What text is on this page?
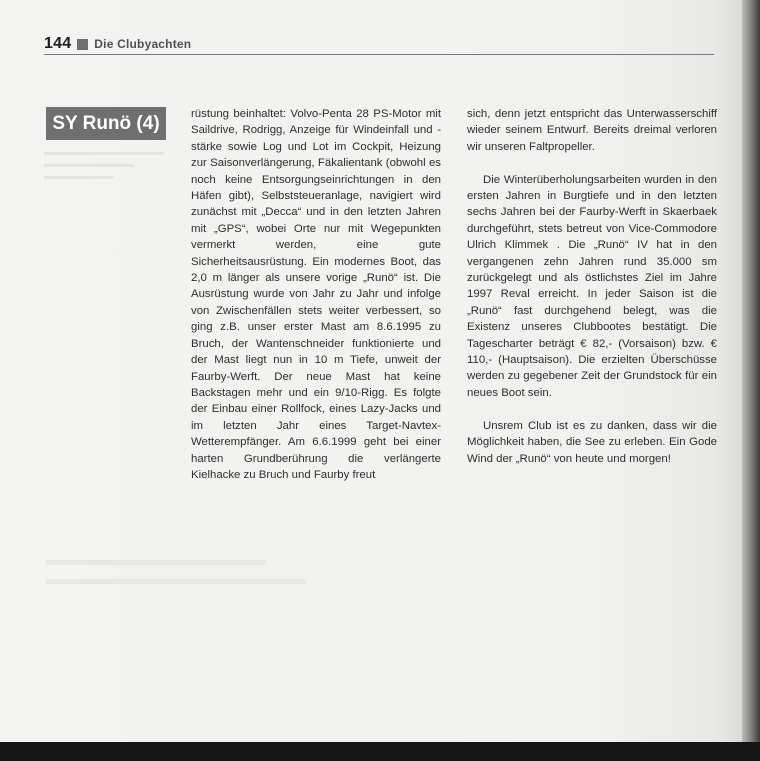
144 Die Clubyachten
SY Runö (4)	rüstung beinhaltet: Volvo-Penta 28 PS-Motor mit Saildrive, Rodrigg, Anzeige für Windeinfall und -stärke sowie Log und Lot im Cockpit, Heizung zur Saisonverlängerung, Fäkalientank (obwohl es noch keine Entsorgungseinrichtungen in den Häfen gibt), Selbststeueranlage, navigiert wird zunächst mit „Decca“ und in den letzten Jahren mit „GPS“, wobei Orte nur mit Wegepunkten vermerkt werden, eine gute Sicherheitsausrüstung. Ein modernes Boot, das 2,0 m länger als unsere vorige „Runö“ ist. Die Ausrüstung wurde von Jahr zu Jahr und infolge von Zwischenfällen stets weiter verbessert, so ging z.B. unser erster Mast am 8.6.1995 zu Bruch, der Wantenschneider funktionierte und der Mast liegt nun in 10 m Tiefe, unweit der Faurby-Werft. Der neue Mast hat keine Backstagen mehr und ein 9/10-Rigg. Es folgte der Einbau einer Rollfock, eines Lazy-Jacks und im letzten Jahr eines Target-Navtex-Wetterempfänger. Am 6.6.1999 geht bei einer harten Grundberührung die verlängerte Kielhacke zu Bruch und Faurby freut

sich, denn jetzt entspricht das Unterwasserschiff wieder seinem Entwurf. Bereits dreimal verloren wir unseren Faltpropeller.

Die Winterüberholungsarbeiten wurden in den ersten Jahren in Burgtiefe und in den letzten sechs Jahren bei der Faurby-Werft in Skaerbaek durchgeführt, stets betreut von Vice-Commodore Ulrich Klimmek . Die „Runö“ IV hat in den vergangenen zehn Jahren rund 35.000 sm zurückgelegt und als östlichstes Ziel im Jahre 1997 Reval erreicht. In jeder Saison ist die „Runö“ fast durchgehend belegt, was die Existenz unseres Clubbootes bestätigt. Die Tagescharter beträgt € 82,- (Vorsaison) bzw. € 110,- (Hauptsaison). Die erzielten Überschüsse werden zu gegebener Zeit der Grundstock für ein neues Boot sein.

Unsrem Club ist es zu danken, dass wir die Möglichkeit haben, die See zu erleben. Ein Gode Wind der „Runö“ von heute und morgen!
